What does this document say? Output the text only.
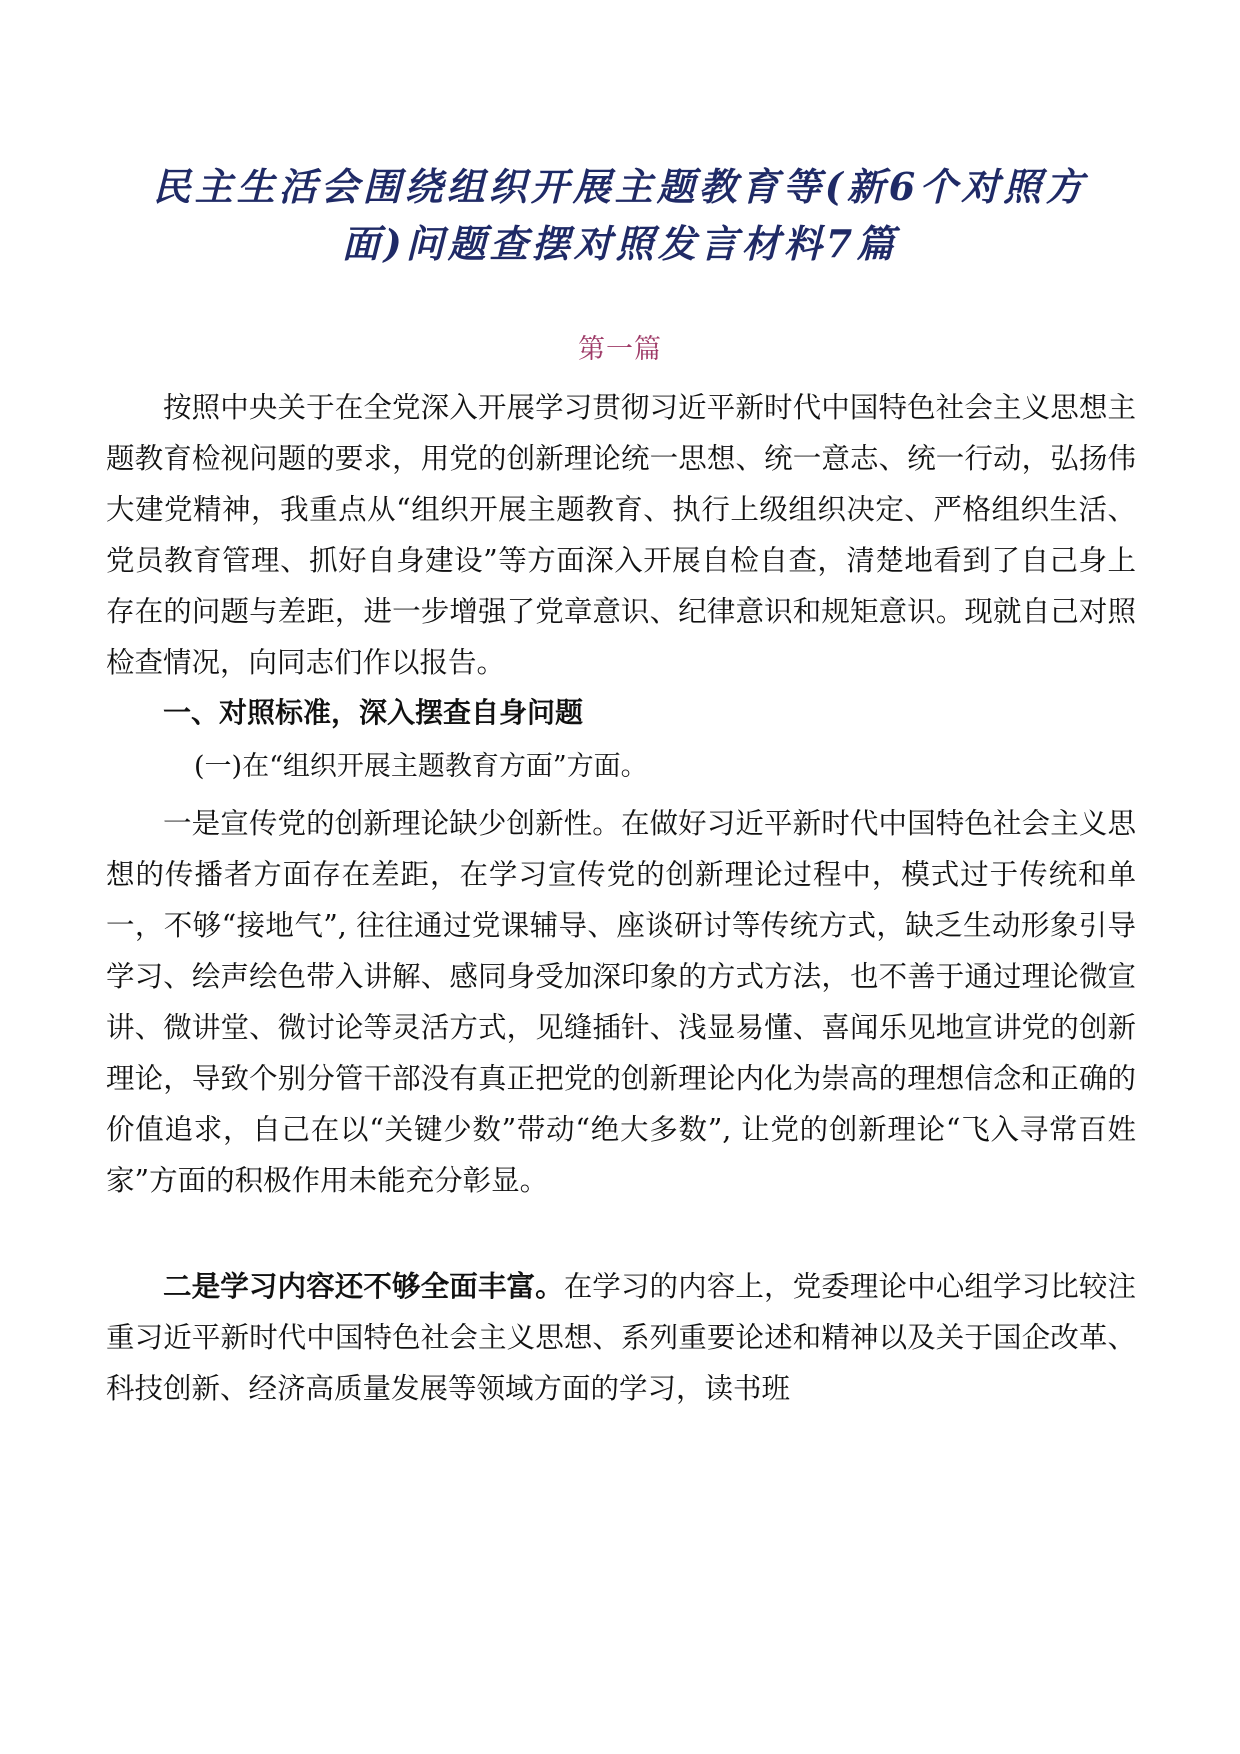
民主生活会围绕组织开展主题教育等(新6个对照方
面)问题查摆对照发言材料7篇
第一篇

按照中央关于在全党深入开展学习贯彻习近平新时代中国特色社会主义思想主题教育检视问题的要求，用党的创新理论统一思想、统一意志、统一行动，弘扬伟大建党精神，我重点从“组织开展主题教育、执行上级组织决定、严格组织生活、党员教育管理、抓好自身建设”等方面深入开展自检自查，清楚地看到了自己身上存在的问题与差距，进一步增强了党章意识、纪律意识和规矩意识。现就自己对照检查情况，向同志们作以报告。

一、对照标准，深入摆查自身问题

(一)在“组织开展主题教育方面”方面。

一是宣传党的创新理论缺少创新性。在做好习近平新时代中国特色社会主义思想的传播者方面存在差距，在学习宣传党的创新理论过程中，模式过于传统和单一，不够“接地气”, 往往通过党课辅导、座谈研讨等传统方式，缺乏生动形象引导学习、绘声绘色带入讲解、感同身受加深印象的方式方法，也不善于通过理论微宣讲、微讲堂、微讨论等灵活方式，见缝插针、浅显易懂、喜闻乐见地宣讲党的创新理论，导致个别分管干部没有真正把党的创新理论内化为崇高的理想信念和正确的价值追求，自己在以“关键少数”带动“绝大多数”, 让党的创新理论“飞入寻常百姓家”方面的积极作用未能充分彰显。

二是学习内容还不够全面丰富。在学习的内容上，党委理论中心组学习比较注重习近平新时代中国特色社会主义思想、系列重要论述和精神以及关于国企改革、科技创新、经济高质量发展等领域方面的学习，读书班
